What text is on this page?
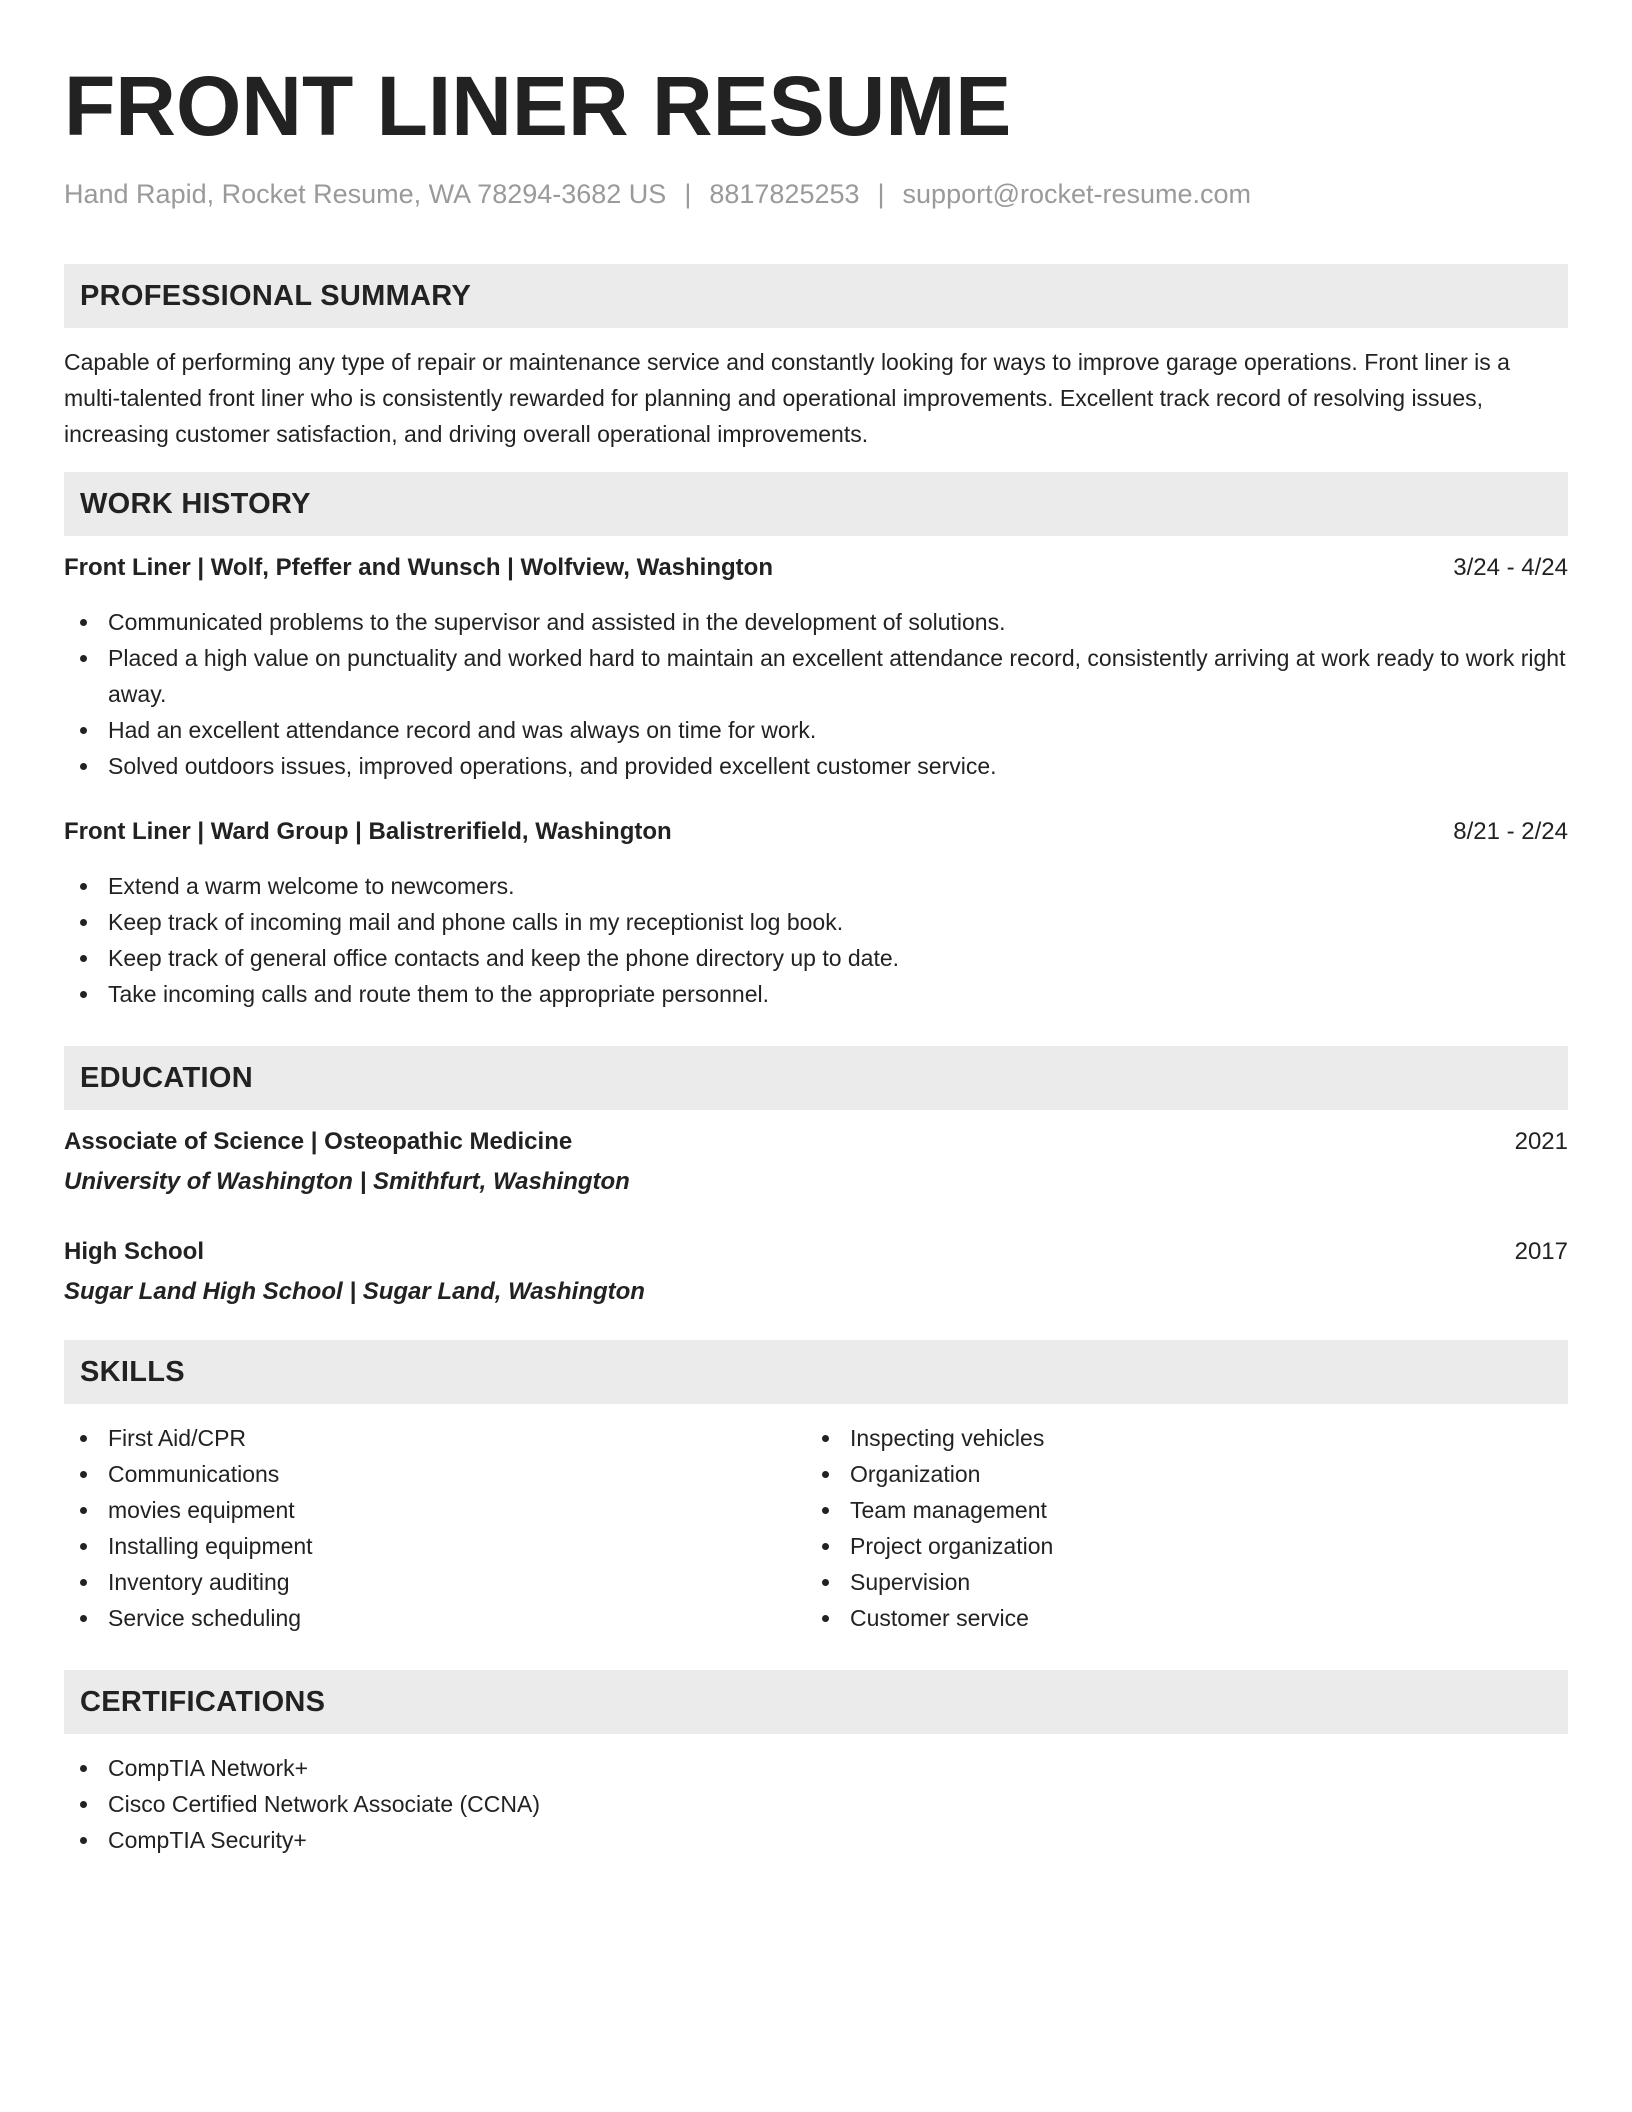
FRONT LINER RESUME
Hand Rapid, Rocket Resume, WA 78294-3682 US | 8817825253 | support@rocket-resume.com
PROFESSIONAL SUMMARY
Capable of performing any type of repair or maintenance service and constantly looking for ways to improve garage operations. Front liner is a multi-talented front liner who is consistently rewarded for planning and operational improvements. Excellent track record of resolving issues, increasing customer satisfaction, and driving overall operational improvements.
WORK HISTORY
Front Liner | Wolf, Pfeffer and Wunsch | Wolfview, Washington	3/24 - 4/24
Communicated problems to the supervisor and assisted in the development of solutions.
Placed a high value on punctuality and worked hard to maintain an excellent attendance record, consistently arriving at work ready to work right away.
Had an excellent attendance record and was always on time for work.
Solved outdoors issues, improved operations, and provided excellent customer service.
Front Liner | Ward Group | Balistrerifield, Washington	8/21 - 2/24
Extend a warm welcome to newcomers.
Keep track of incoming mail and phone calls in my receptionist log book.
Keep track of general office contacts and keep the phone directory up to date.
Take incoming calls and route them to the appropriate personnel.
EDUCATION
Associate of Science | Osteopathic Medicine	2021
University of Washington | Smithfurt, Washington
High School	2017
Sugar Land High School | Sugar Land, Washington
SKILLS
First Aid/CPR
Communications
movies equipment
Installing equipment
Inventory auditing
Service scheduling
Inspecting vehicles
Organization
Team management
Project organization
Supervision
Customer service
CERTIFICATIONS
CompTIA Network+
Cisco Certified Network Associate (CCNA)
CompTIA Security+
